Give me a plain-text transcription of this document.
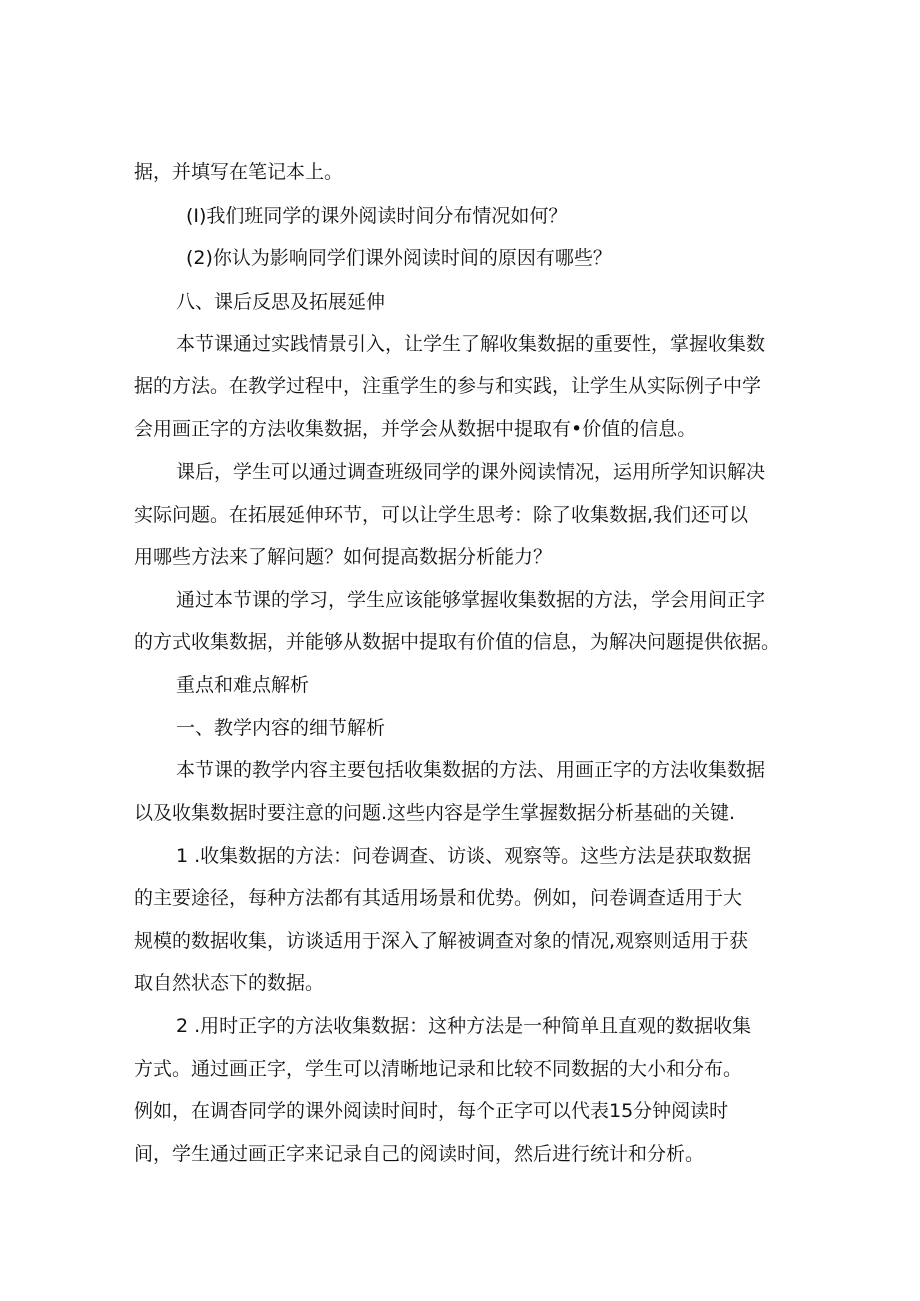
据，并填写在笔记本上。
(I)我们班同学的课外阅读时间分布情况如何？
(2)你认为影响同学们课外阅读时间的原因有哪些？
八、课后反思及拓展延伸
本节课通过实践情景引入，让学生了解收集数据的重要性，掌握收集数
据的方法。在教学过程中，注重学生的参与和实践，让学生从实际例子中学
会用画正字的方法收集数据，并学会从数据中提取有•价值的信息。
课后，学生可以通过调查班级同学的课外阅读情况，运用所学知识解决
实际问题。在拓展延伸环节，可以让学生思考：除了收集数据,我们还可以
用哪些方法来了解问题？如何提高数据分析能力？
通过本节课的学习，学生应该能够掌握收集数据的方法，学会用间正字
的方式收集数据，并能够从数据中提取有价值的信息，为解决问题提供依据。
重点和难点解析
一、教学内容的细节解析
本节课的教学内容主要包括收集数据的方法、用画正字的方法收集数据
以及收集数据时要注意的问题.这些内容是学生掌握数据分析基础的关键.
1 .收集数据的方法：问卷调查、访谈、观察等。这些方法是获取数据
的主要途径，每种方法都有其适用场景和优势。例如，问卷调查适用于大
规模的数据收集，访谈适用于深入了解被调查对象的情况,观察则适用于获
取自然状态下的数据。
2 .用时正字的方法收集数据：这种方法是一种简单且直观的数据收集
方式。通过画正字，学生可以清晰地记录和比较不同数据的大小和分布。
例如，在调杳同学的课外阅读时间时，每个正字可以代表15分钟阅读时
间，学生通过画正字来记录自己的阅读时间，然后进行统计和分析。
